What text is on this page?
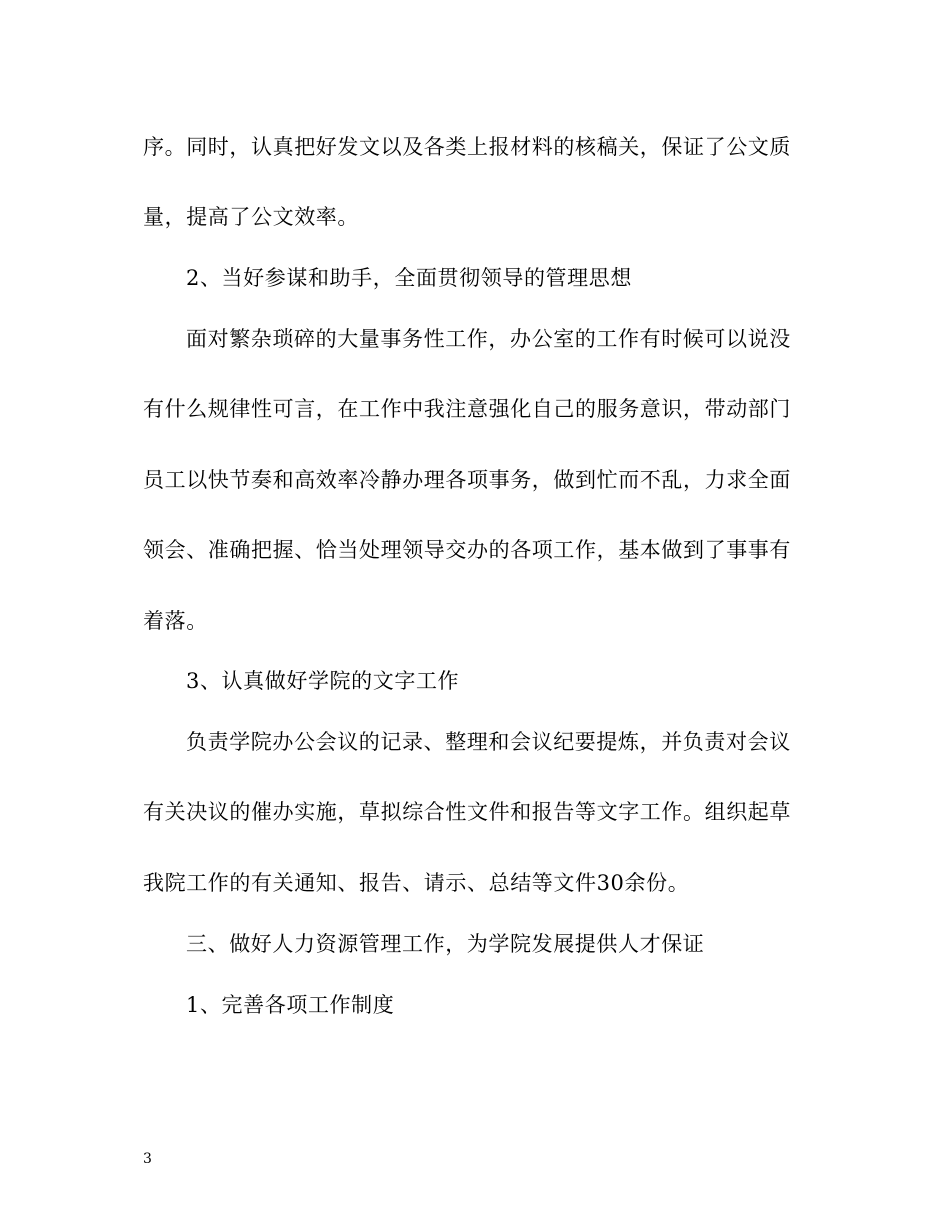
序。同时，认真把好发文以及各类上报材料的核稿关，保证了公文质
量，提高了公文效率。
2、当好参谋和助手，全面贯彻领导的管理思想
面对繁杂琐碎的大量事务性工作，办公室的工作有时候可以说没
有什么规律性可言，在工作中我注意强化自己的服务意识，带动部门
员工以快节奏和高效率冷静办理各项事务，做到忙而不乱，力求全面
领会、准确把握、恰当处理领导交办的各项工作，基本做到了事事有
着落。
3、认真做好学院的文字工作
负责学院办公会议的记录、整理和会议纪要提炼，并负责对会议
有关决议的催办实施，草拟综合性文件和报告等文字工作。组织起草
我院工作的有关通知、报告、请示、总结等文件30余份。
三、做好人力资源管理工作，为学院发展提供人才保证
1、完善各项工作制度
3
